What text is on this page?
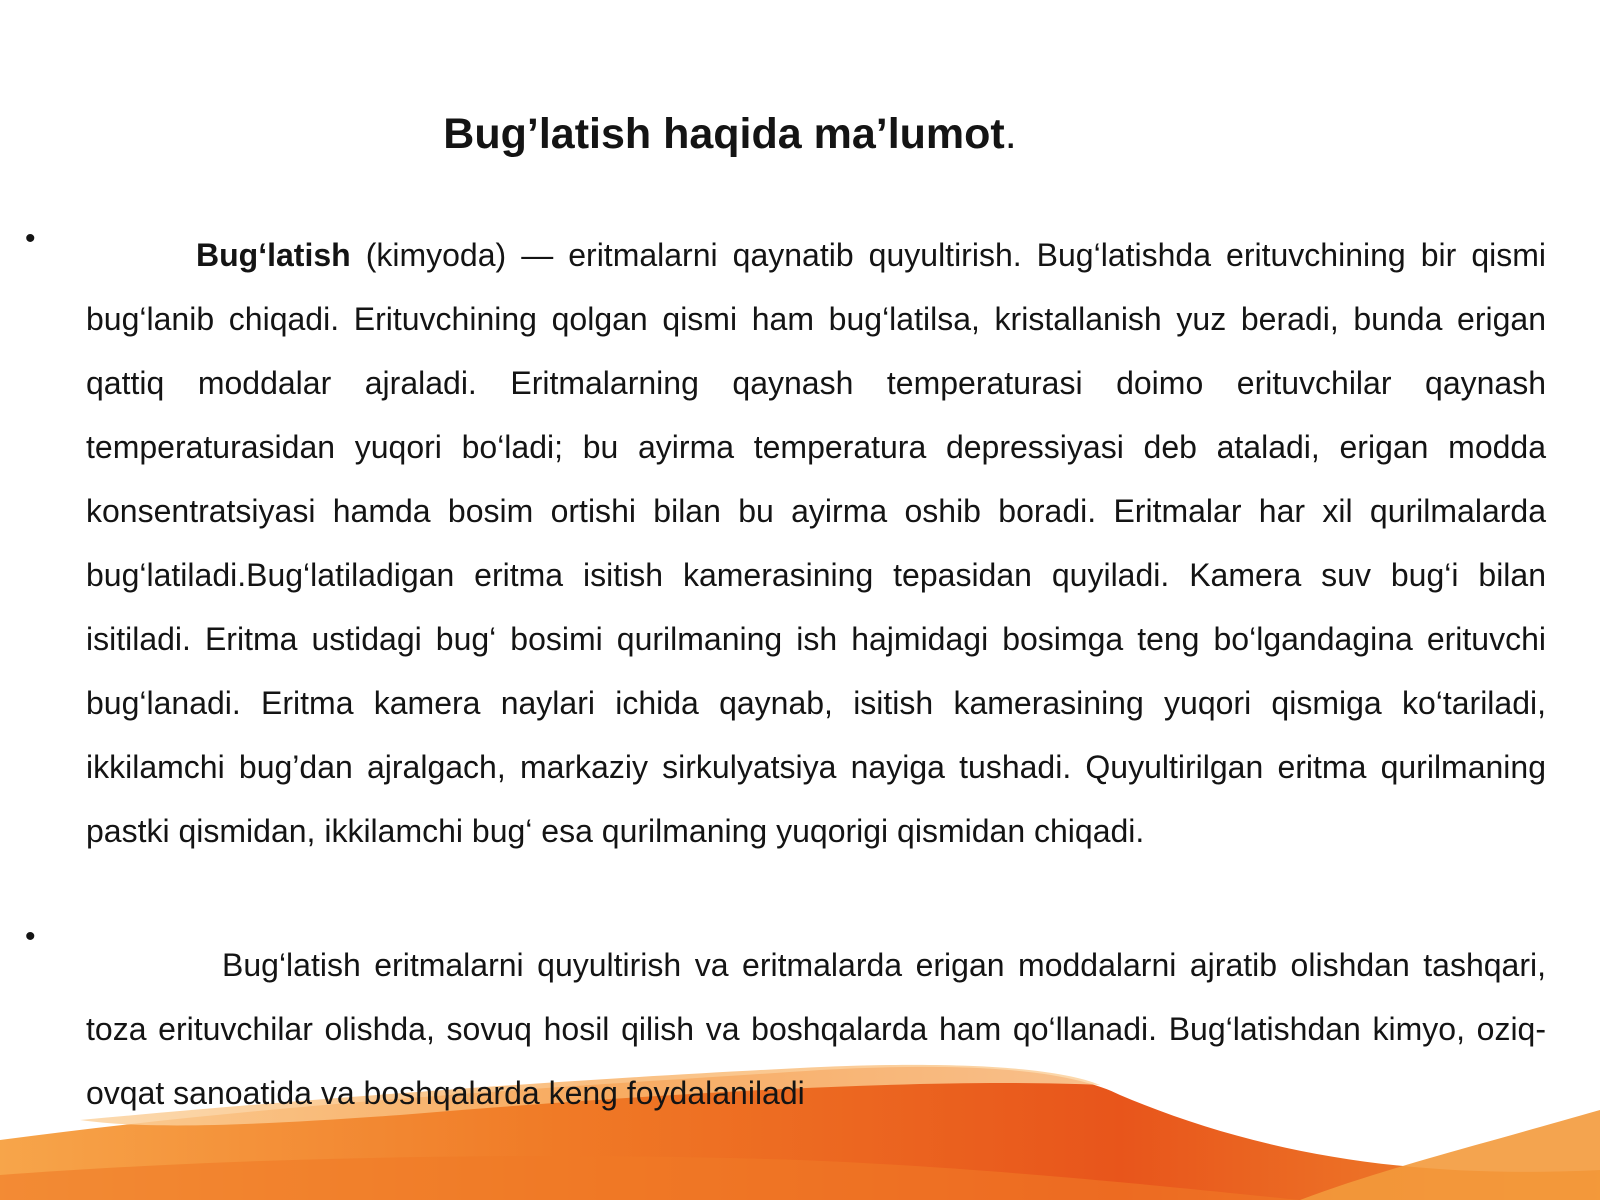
Bug’latish haqida ma’lumot.
•	Bug‘latish (kimyoda) — eritmalarni qaynatib quyultirish. Bug‘latishda erituvchining bir qismi bug‘lanib chiqadi. Erituvchining qolgan qismi ham bug‘latilsa, kristallanish yuz beradi, bunda erigan qattiq moddalar ajraladi. Eritmalarning qaynash temperaturasi doimo erituvchilar qaynash temperaturasidan yuqori bo‘ladi; bu ayirma temperatura depressiyasi deb ataladi, erigan modda konsentratsiyasi hamda bosim ortishi bilan bu ayirma oshib boradi. Eritmalar har xil qurilmalarda bug‘latiladi.Bug‘latiladigan eritma isitish kamerasining tepasidan quyiladi. Kamera suv bug‘i bilan isitiladi. Eritma ustidagi bug‘ bosimi qurilmaning ish hajmidagi bosimga teng bo‘lgandagina erituvchi bug‘lanadi. Eritma kamera naylari ichida qaynab, isitish kamerasining yuqori qismiga ko‘tariladi, ikkilamchi bug’dan ajralgach, markaziy sirkulyatsiya nayiga tushadi. Quyultirilgan eritma qurilmaning pastki qismidan, ikkilamchi bug‘ esa qurilmaning yuqorigi qismidan chiqadi.

•

Bug‘latish eritmalarni quyultirish va eritmalarda erigan moddalarni ajratib olishdan tashqari, toza erituvchilar olishda, sovuq hosil qilish va boshqalarda ham qo‘llanadi. Bug‘latishdan kimyo, oziq-ovqat sanoatida va boshqalarda keng foydalaniladi
